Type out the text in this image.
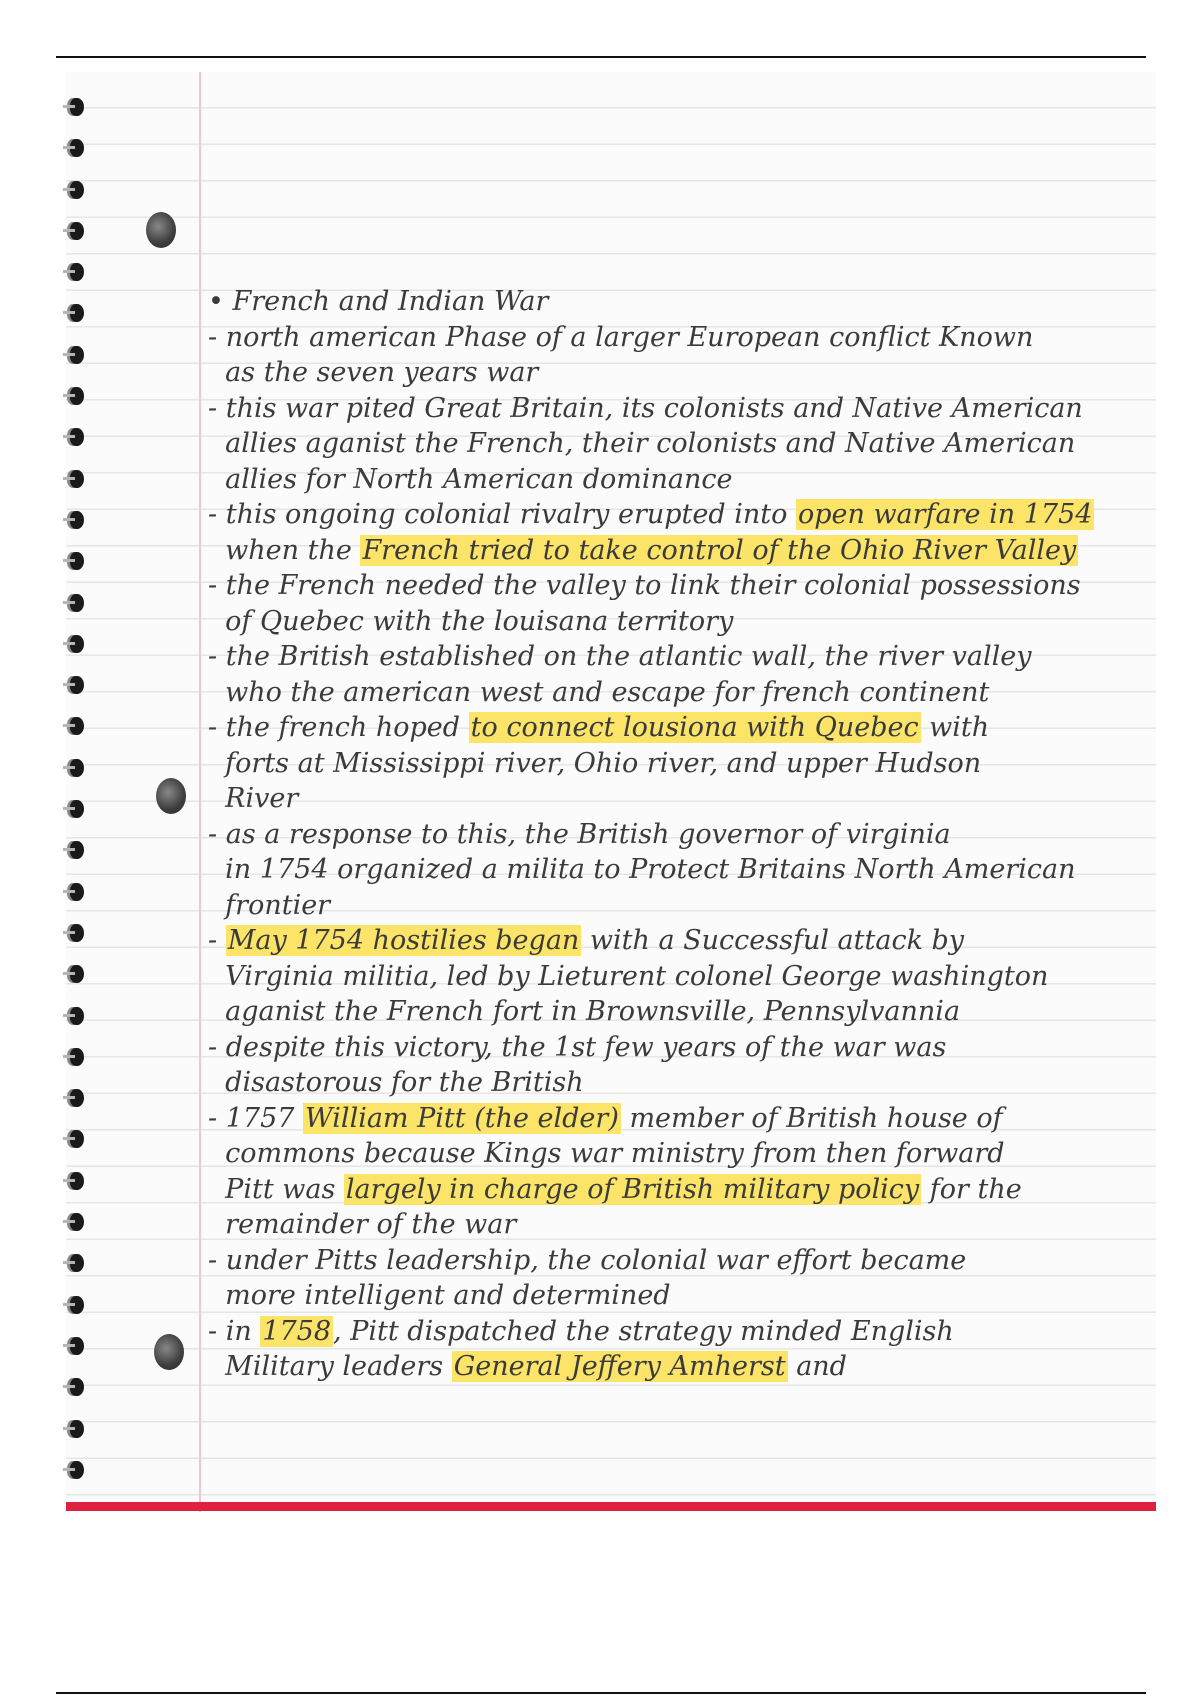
• French and Indian War
- north american Phase of a larger European conflict Known
as the seven years war
- this war pited Great Britain, its colonists and Native American
allies aganist the French, their colonists and Native American
allies for North American dominance
- this ongoing colonial rivalry erupted into open warfare in 1754
when the French tried to take control of the Ohio River Valley
- the French needed the valley to link their colonial possessions
of Quebec with the louisana territory
- the British established on the atlantic wall, the river valley
who the american west and escape for french continent
- the french hoped to connect lousiona with Quebec with
forts at Mississippi river, Ohio river, and upper Hudson
River
- as a response to this, the British governor of virginia
in 1754 organized a milita to Protect Britains North American
frontier
- May 1754 hostilies began with a Successful attack by
Virginia militia, led by Lieturent colonel George washington
aganist the French fort in Brownsville, Pennsylvannia
- despite this victory, the 1st few years of the war was
disastorous for the British
- 1757 William Pitt (the elder) member of British house of
commons because Kings war ministry from then forward
Pitt was largely in charge of British military policy for the
remainder of the war
- under Pitts leadership, the colonial war effort became
more intelligent and determined
- in 1758, Pitt dispatched the strategy minded English
Military leaders General Jeffery Amherst and
